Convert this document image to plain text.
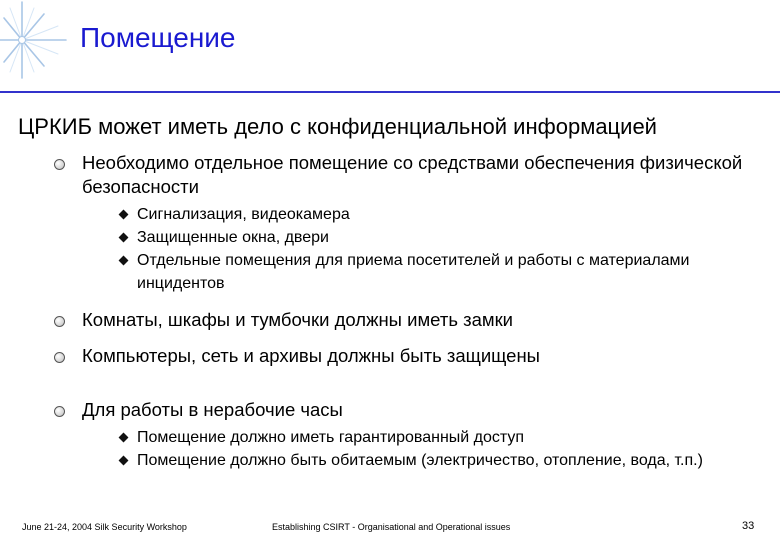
Помещение
ЦРКИБ может иметь дело с конфиденциальной информацией
Необходимо отдельное помещение со средствами обеспечения физической безопасности
Сигнализация, видеокамера
Защищенные окна, двери
Отдельные помещения для приема посетителей и работы с материалами инцидентов
Комнаты, шкафы и тумбочки должны иметь замки
Компьютеры, сеть и архивы должны быть защищены
Для работы в нерабочие часы
Помещение должно иметь гарантированный доступ
Помещение должно быть обитаемым (электричество, отопление, вода, т.п.)
June 21-24, 2004 Silk Security Workshop	Establishing CSIRT - Organisational and Operational issues	33
